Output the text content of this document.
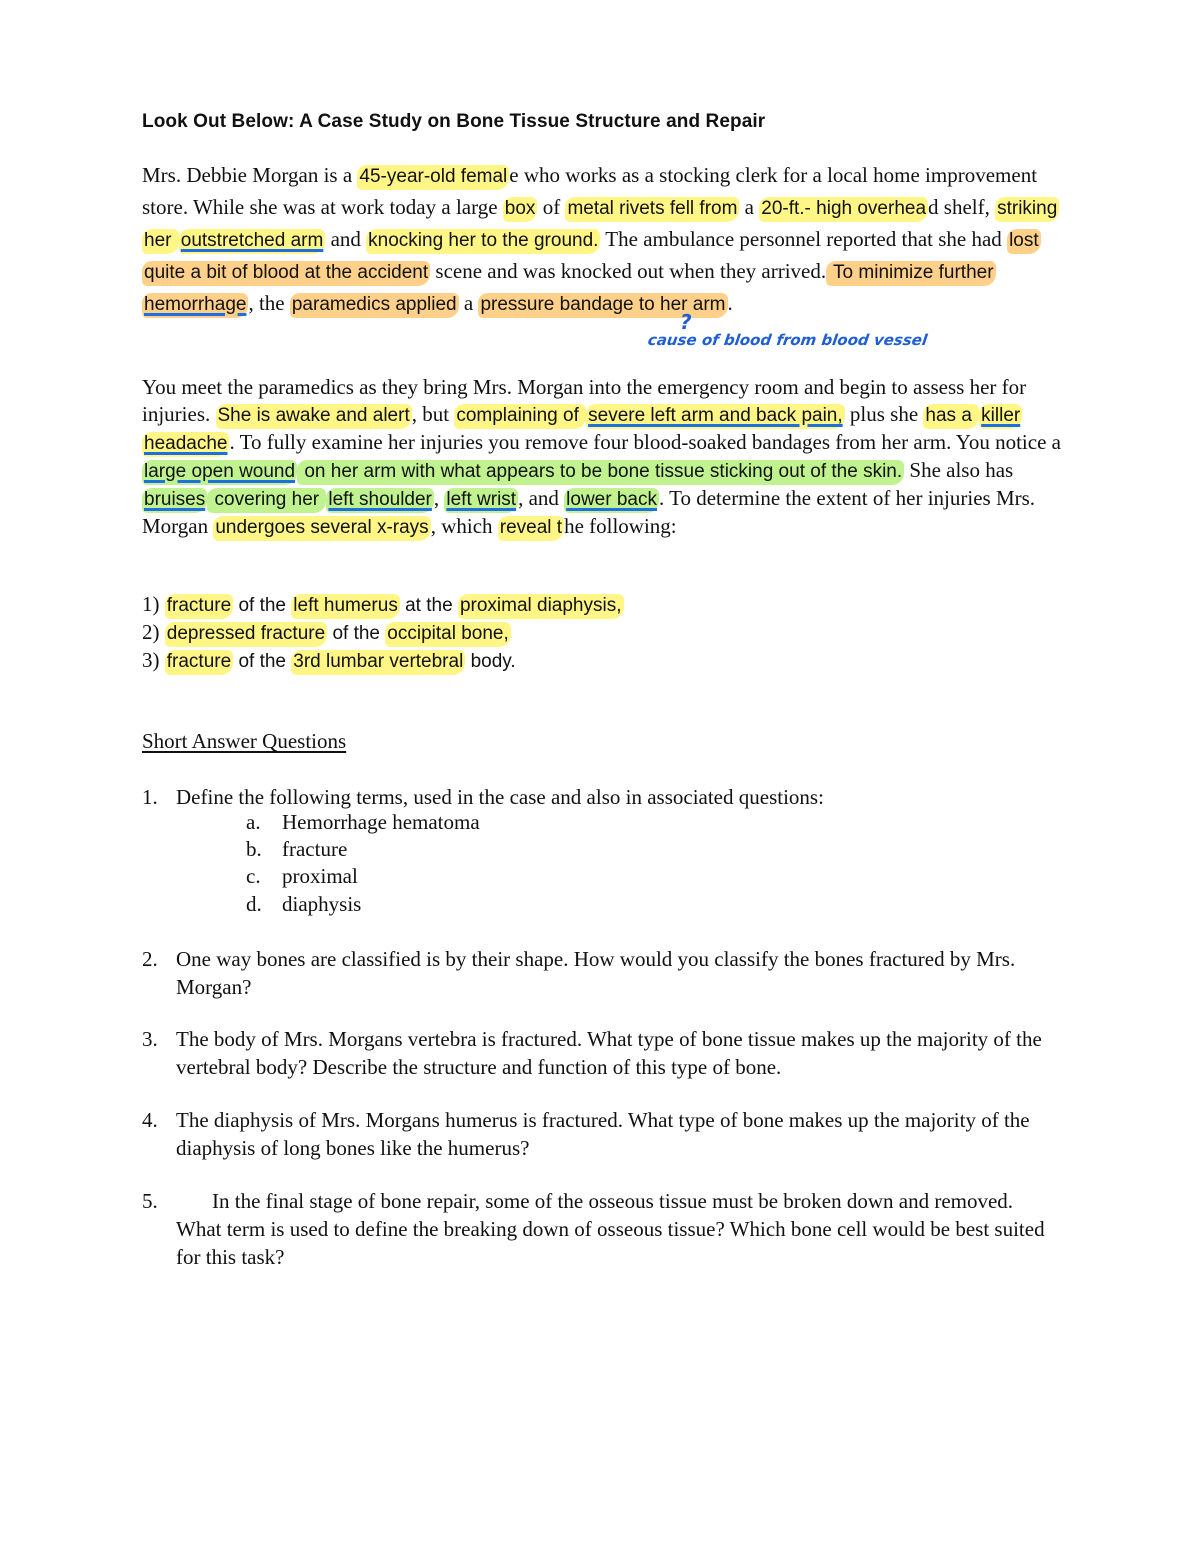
Look Out Below: A Case Study on Bone Tissue Structure and Repair
Mrs. Debbie Morgan is a 45-year-old female who works as a stocking clerk for a local home improvement store. While she was at work today a large box of metal rivets fell from a 20-ft.- high overhead shelf, striking her outstretched arm and knocking her to the ground. The ambulance personnel reported that she had lost quite a bit of blood at the accident scene and was knocked out when they arrived. To minimize further hemorrhage, the paramedics applied a pressure bandage to her arm.
?
cause of blood from blood vessel
You meet the paramedics as they bring Mrs. Morgan into the emergency room and begin to assess her for injuries. She is awake and alert, but complaining of severe left arm and back pain, plus she has a killer headache. To fully examine her injuries you remove four blood-soaked bandages from her arm. You notice a large open wound on her arm with what appears to be bone tissue sticking out of the skin. She also has bruises covering her left shoulder, left wrist, and lower back. To determine the extent of her injuries Mrs. Morgan undergoes several x-rays, which reveal the following:
1) fracture of the left humerus at the proximal diaphysis,
2) depressed fracture of the occipital bone,
3) fracture of the 3rd lumbar vertebral body.
Short Answer Questions
1. Define the following terms, used in the case and also in associated questions:
a. Hemorrhage hematoma
b. fracture
c. proximal
d. diaphysis
2. One way bones are classified is by their shape. How would you classify the bones fractured by Mrs. Morgan?
3. The body of Mrs. Morgans vertebra is fractured. What type of bone tissue makes up the majority of the vertebral body? Describe the structure and function of this type of bone.
4. The diaphysis of Mrs. Morgans humerus is fractured. What type of bone makes up the majority of the diaphysis of long bones like the humerus?
5.	In the final stage of bone repair, some of the osseous tissue must be broken down and removed. What term is used to define the breaking down of osseous tissue? Which bone cell would be best suited for this task?
